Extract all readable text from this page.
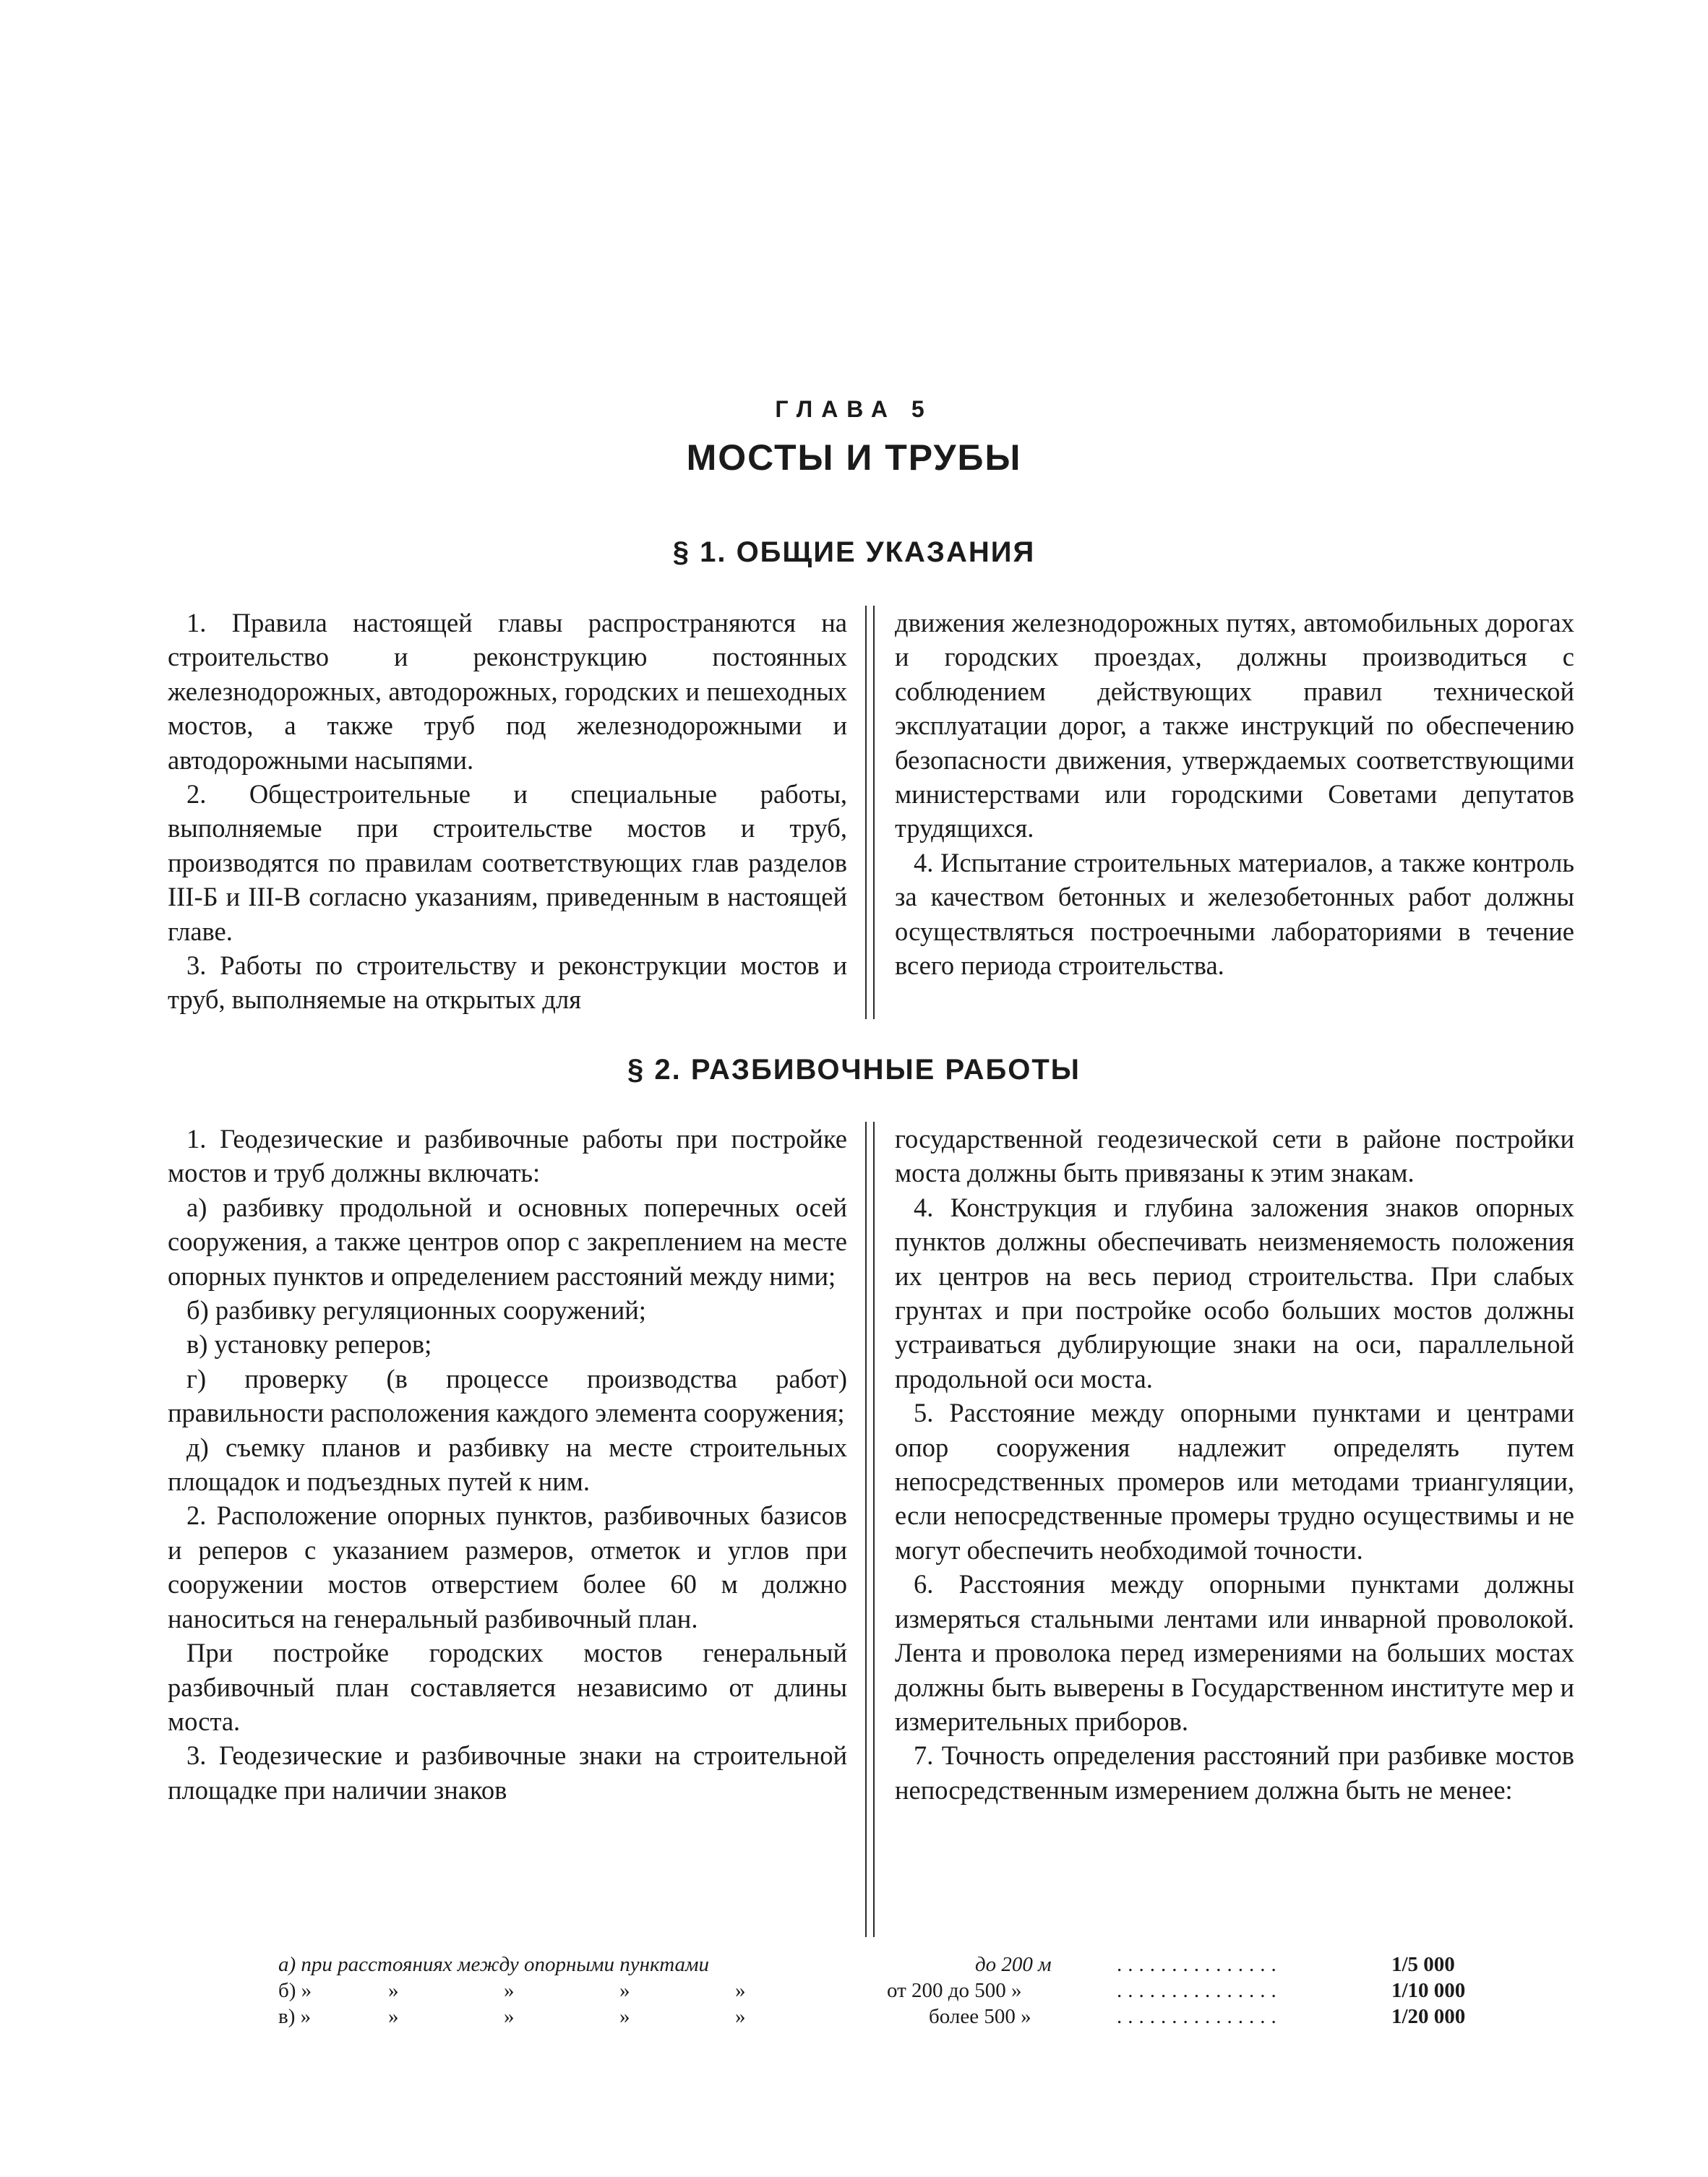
ГЛАВА 5
МОСТЫ И ТРУБЫ
§ 1. ОБЩИЕ УКАЗАНИЯ

1. Правила настоящей главы распространяются на строительство и реконструкцию постоянных железнодорожных, автодорожных, городских и пешеходных мостов, а также труб под железнодорожными и автодорожными насыпями.

2. Общестроительные и специальные работы, выполняемые при строительстве мостов и труб, производятся по правилам соответствующих глав разделов III-Б и III-В согласно указаниям, приведенным в настоящей главе.

3. Работы по строительству и реконструкции мостов и труб, выполняемые на открытых для

движения железнодорожных путях, автомобильных дорогах и городских проездах, должны производиться с соблюдением действующих правил технической эксплуатации дорог, а также инструкций по обеспечению безопасности движения, утверждаемых соответствующими министерствами или городскими Советами депутатов трудящихся.

4. Испытание строительных материалов, а также контроль за качеством бетонных и железобетонных работ должны осуществляться построечными лабораториями в течение всего периода строительства.

§ 2. РАЗБИВОЧНЫЕ РАБОТЫ

1. Геодезические и разбивочные работы при постройке мостов и труб должны включать:

а) разбивку продольной и основных поперечных осей сооружения, а также центров опор с закреплением на месте опорных пунктов и определением расстояний между ними;

б) разбивку регуляционных сооружений;

в) установку реперов;

г) проверку (в процессе производства работ) правильности расположения каждого элемента сооружения;

д) съемку планов и разбивку на месте строительных площадок и подъездных путей к ним.

2. Расположение опорных пунктов, разбивочных базисов и реперов с указанием размеров, отметок и углов при сооружении мостов отверстием более 60 м должно наноситься на генеральный разбивочный план.

При постройке городских мостов генеральный разбивочный план составляется независимо от длины моста.

3. Геодезические и разбивочные знаки на строительной площадке при наличии знаков

государственной геодезической сети в районе постройки моста должны быть привязаны к этим знакам.

4. Конструкция и глубина заложения знаков опорных пунктов должны обеспечивать неизменяемость положения их центров на весь период строительства. При слабых грунтах и при постройке особо больших мостов должны устраиваться дублирующие знаки на оси, параллельной продольной оси моста.

5. Расстояние между опорными пунктами и центрами опор сооружения надлежит определять путем непосредственных промеров или методами триангуляции, если непосредственные промеры трудно осуществимы и не могут обеспечить необходимой точности.

6. Расстояния между опорными пунктами должны измеряться стальными лентами или инварной проволокой. Лента и проволока перед измерениями на больших мостах должны быть выверены в Государственном институте мер и измерительных приборов.

7. Точность определения расстояний при разбивке мостов непосредственным измерением должна быть не менее:

а) при расстояниях между опорными пунктами	до 200 м	...............	1/5 000
б) »	»	»	»	»	от 200 до 500 »	...............	1/10 000
в) »	»	»	»	»	более 500 »	...............	1/20 000
